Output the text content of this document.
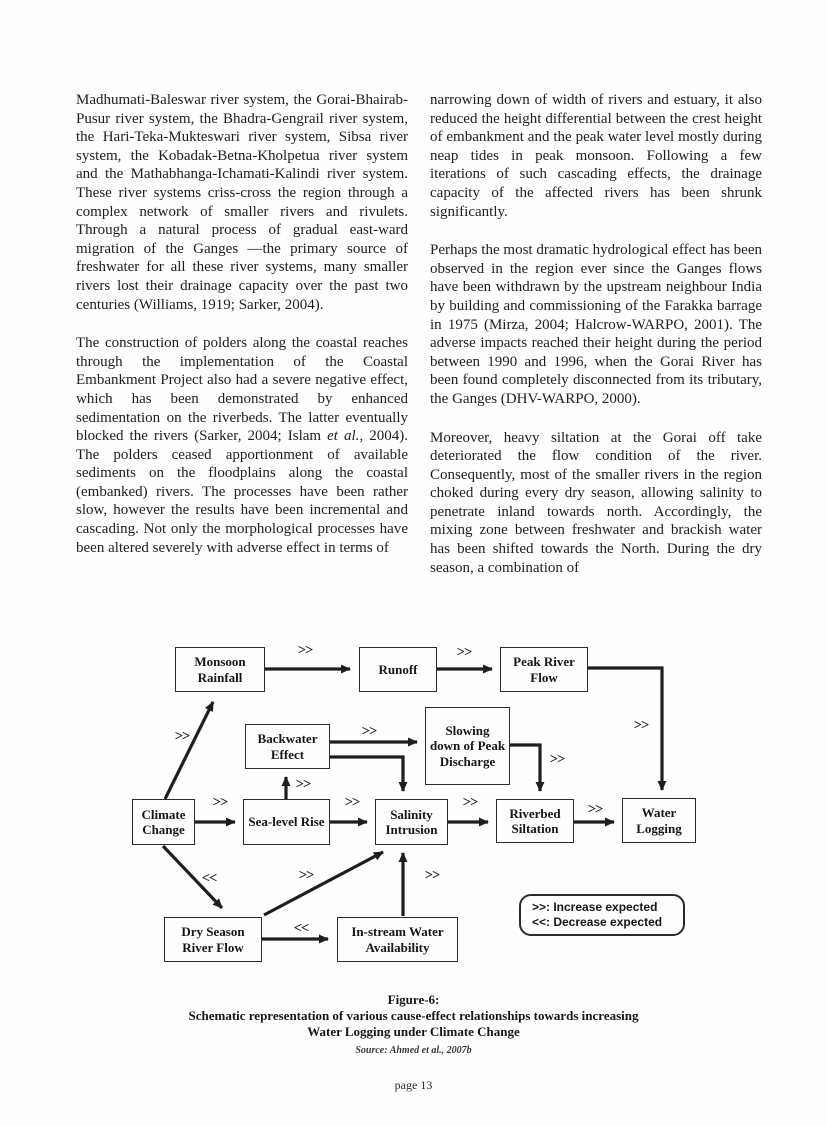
Madhumati-Baleswar river system, the Gorai-Bhairab-Pusur river system, the Bhadra-Gengrail river system, the Hari-Teka-Mukteswari river system, Sibsa river system, the Kobadak-Betna-Kholpetua river system and the Mathabhanga-Ichamati-Kalindi river system. These river systems criss-cross the region through a complex network of smaller rivers and rivulets. Through a natural process of gradual east-ward migration of the Ganges —the primary source of freshwater for all these river systems, many smaller rivers lost their drainage capacity over the past two centuries (Williams, 1919; Sarker, 2004).

The construction of polders along the coastal reaches through the implementation of the Coastal Embankment Project also had a severe negative effect, which has been demonstrated by enhanced sedimentation on the riverbeds. The latter eventually blocked the rivers (Sarker, 2004; Islam et al., 2004). The polders ceased apportionment of available sediments on the floodplains along the coastal (embanked) rivers. The processes have been rather slow, however the results have been incremental and cascading. Not only the morphological processes have been altered severely with adverse effect in terms of

narrowing down of width of rivers and estuary, it also reduced the height differential between the crest height of embankment and the peak water level mostly during neap tides in peak monsoon. Following a few iterations of such cascading effects, the drainage capacity of the affected rivers has been shrunk significantly.

Perhaps the most dramatic hydrological effect has been observed in the region ever since the Ganges flows have been withdrawn by the upstream neighbour India by building and commissioning of the Farakka barrage in 1975 (Mirza, 2004; Halcrow-WARPO, 2001). The adverse impacts reached their height during the period between 1990 and 1996, when the Gorai River has been found completely disconnected from its tributary, the Ganges (DHV-WARPO, 2000).

Moreover, heavy siltation at the Gorai off take deteriorated the flow condition of the river. Consequently, most of the smaller rivers in the region choked during every dry season, allowing salinity to penetrate inland towards north. Accordingly, the mixing zone between freshwater and brackish water has been shifted towards the North. During the dry season, a combination of

Monsoon Rainfall
Runoff
Peak River Flow
Backwater Effect
Slowing down of Peak Discharge
Climate Change
Sea-level Rise
Salinity Intrusion
Riverbed Siltation
Water Logging
Dry Season River Flow
In-stream Water Availability
>>	>>
>>
>>	>>
>>
>>	>>	>>
>>
>>
<<	>>	>>
<<
>>: Increase expected
<<: Decrease expected
Figure-6:
Schematic representation of various cause-effect relationships towards increasing
Water Logging under Climate Change
Source: Ahmed et al., 2007b
page 13
